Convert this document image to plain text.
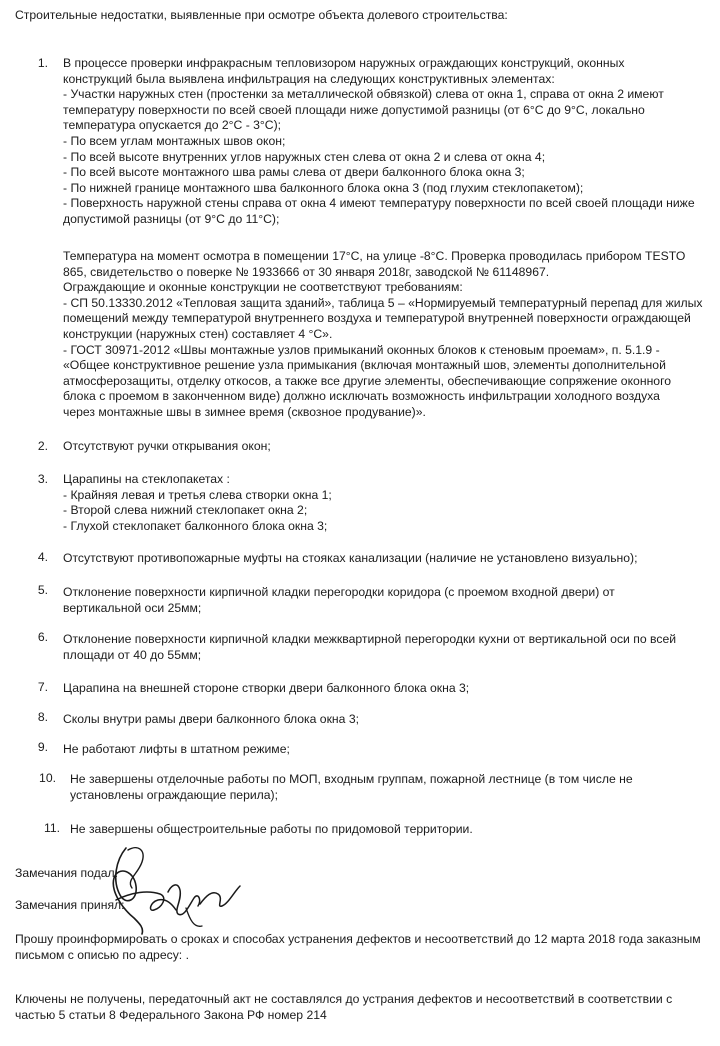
Строительные недостатки, выявленные при осмотре объекта долевого строительства:
1. В процессе проверки инфракрасным тепловизором наружных ограждающих конструкций, оконных
конструкций была выявлена инфильтрация на следующих конструктивных элементах:
- Участки наружных стен (простенки за металлической обвязкой) слева от окна 1, справа от окна 2 имеют
температуру поверхности по всей своей площади ниже допустимой разницы (от 6°С до 9°С, локально
температура опускается до 2°С - 3°С);
- По всем углам монтажных швов окон;
- По всей высоте внутренних углов наружных стен слева от окна 2 и слева от окна 4;
- По всей высоте монтажного шва рамы слева от двери балконного блока окна 3;
- По нижней границе монтажного шва балконного блока окна 3 (под глухим стеклопакетом);
- Поверхность наружной стены справа от окна 4 имеют температуру поверхности по всей своей площади ниже
допустимой разницы (от 9°С до 11°С);
Температура на момент осмотра в помещении 17°С, на улице -8°С. Проверка проводилась прибором TESTO
865, свидетельство о поверке № 1933666 от 30 января 2018г, заводской № 61148967.
Ограждающие и оконные конструкции не соответствуют требованиям:
- СП 50.13330.2012 «Тепловая защита зданий», таблица 5 – «Нормируемый температурный перепад для жилых
помещений между температурой внутреннего воздуха и температурой внутренней поверхности ограждающей
конструкции (наружных стен) составляет 4 °С».
- ГОСТ 30971-2012 «Швы монтажные узлов примыканий оконных блоков к стеновым проемам», п. 5.1.9 -
«Общее конструктивное решение узла примыкания (включая монтажный шов, элементы дополнительной
атмосферозащиты, отделку откосов, а также все другие элементы, обеспечивающие сопряжение оконного
блока с проемом в законченном виде) должно исключать возможность инфильтрации холодного воздуха
через монтажные швы в зимнее время (сквозное продувание)».
2. Отсутствуют ручки открывания окон;
3. Царапины на стеклопакетах :
- Крайняя левая и третья слева створки окна 1;
- Второй слева нижний стеклопакет окна 2;
- Глухой стеклопакет балконного блока окна 3;
4. Отсутствуют противопожарные муфты на стояках канализации (наличие не установлено визуально);
5. Отклонение поверхности кирпичной кладки перегородки коридора (с проемом входной двери) от
вертикальной оси 25мм;
6. Отклонение поверхности кирпичной кладки межквартирной перегородки кухни от вертикальной оси по всей
площади от 40 до 55мм;
7. Царапина на внешней стороне створки двери балконного блока окна 3;
8. Сколы внутри рамы двери балконного блока окна 3;
9. Не работают лифты в штатном режиме;
10. Не завершены отделочные работы по МОП, входным группам, пожарной лестнице (в том числе не
установлены ограждающие перила);
11. Не завершены общестроительные работы по придомовой территории.
Замечания подал:
Замечания принял:
Прошу проинформировать о сроках и способах устранения дефектов и несоответствий до 12 марта 2018 года заказным
письмом с описью по адресу: .
Ключены не получены, передаточный акт не составлялся до устрания дефектов и несоответствий в соответствии с
частью 5 статьи 8 Федерального Закона РФ номер 214
